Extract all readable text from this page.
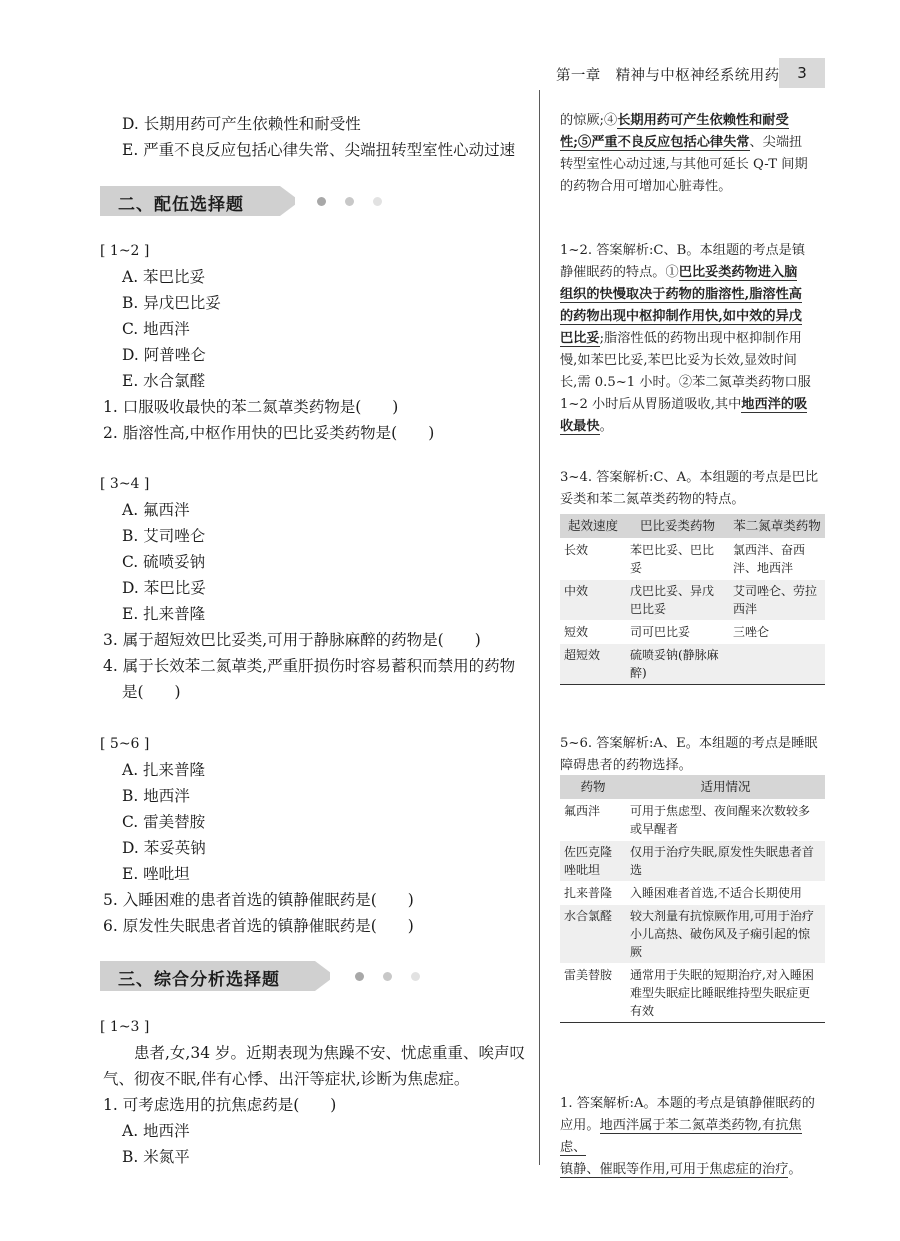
第一章　精神与中枢神经系统用药	3
D. 长期用药可产生依赖性和耐受性
E. 严重不良反应包括心律失常、尖端扭转型室性心动过速
二、配伍选择题
[ 1~2 ]
A. 苯巴比妥
B. 异戊巴比妥
C. 地西泮
D. 阿普唑仑
E. 水合氯醛
1. 口服吸收最快的苯二氮䓬类药物是(　　)
2. 脂溶性高,中枢作用快的巴比妥类药物是(　　)
[ 3~4 ]
A. 氟西泮
B. 艾司唑仑
C. 硫喷妥钠
D. 苯巴比妥
E. 扎来普隆
3. 属于超短效巴比妥类,可用于静脉麻醉的药物是(　　)
4. 属于长效苯二氮䓬类,严重肝损伤时容易蓄积而禁用的药物
是(　　)
[ 5~6 ]
A. 扎来普隆
B. 地西泮
C. 雷美替胺
D. 苯妥英钠
E. 唑吡坦
5. 入睡困难的患者首选的镇静催眠药是(　　)
6. 原发性失眠患者首选的镇静催眠药是(　　)
三、综合分析选择题
[ 1~3 ]
患者,女,34 岁。近期表现为焦躁不安、忧虑重重、唉声叹
气、彻夜不眠,伴有心悸、出汗等症状,诊断为焦虑症。
1. 可考虑选用的抗焦虑药是(　　)
A. 地西泮
B. 米氮平
的惊厥;④长期用药可产生依赖性和耐受
性;⑤严重不良反应包括心律失常、尖端扭
转型室性心动过速,与其他可延长 Q-T 间期
的药物合用可增加心脏毒性。
1~2. 答案解析:C、B。本组题的考点是镇
静催眠药的特点。①巴比妥类药物进入脑
组织的快慢取决于药物的脂溶性,脂溶性高
的药物出现中枢抑制作用快,如中效的异戊
巴比妥;脂溶性低的药物出现中枢抑制作用
慢,如苯巴比妥,苯巴比妥为长效,显效时间
长,需 0.5~1 小时。②苯二氮䓬类药物口服
1~2 小时后从胃肠道吸收,其中地西泮的吸
收最快。
3~4. 答案解析:C、A。本组题的考点是巴比
妥类和苯二氮䓬类药物的特点。
起效速度	巴比妥类药物	苯二氮䓬类药物
长效	苯巴比妥、巴比妥	氯西泮、奋西泮、地西泮
中效	戊巴比妥、异戊巴比妥	艾司唑仑、劳拉西泮
短效	司可巴比妥	三唑仑
超短效	硫喷妥钠(静脉麻醉)	
5~6. 答案解析:A、E。本组题的考点是睡眠
障碍患者的药物选择。
药物	适用情况
氟西泮	可用于焦虑型、夜间醒来次数较多或早醒者
佐匹克隆唑吡坦	仅用于治疗失眠,原发性失眠患者首选
扎来普隆	入睡困难者首选,不适合长期使用
水合氯醛	较大剂量有抗惊厥作用,可用于治疗小儿高热、破伤风及子痫引起的惊厥
雷美替胺	通常用于失眠的短期治疗,对入睡困难型失眠症比睡眠维持型失眠症更有效
1. 答案解析:A。本题的考点是镇静催眠药的
应用。地西泮属于苯二氮䓬类药物,有抗焦虑、
镇静、催眠等作用,可用于焦虑症的治疗。
